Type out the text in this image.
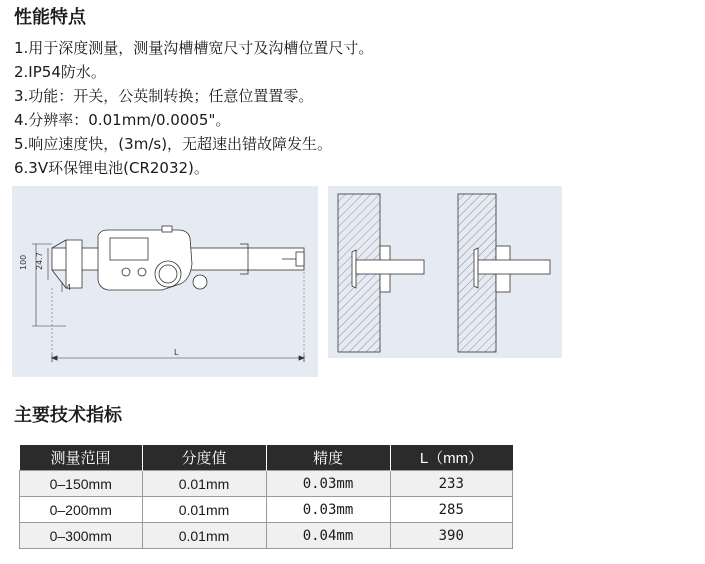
性能特点
1.用于深度测量，测量沟槽槽宽尺寸及沟槽位置尺寸。
2.IP54防水。
3.功能：开关，公英制转换；任意位置置零。
4.分辨率：0.01mm/0.0005"。
5.响应速度快，(3m/s)，无超速出错故障发生。
6.3V环保锂电池(CR2032)。
100 24.7
4
L
主要技术指标
测量范围	分度值	精度	L（mm）
0–150mm	0.01mm	0.03mm	233
0–200mm	0.01mm	0.03mm	285
0–300mm	0.01mm	0.04mm	390
